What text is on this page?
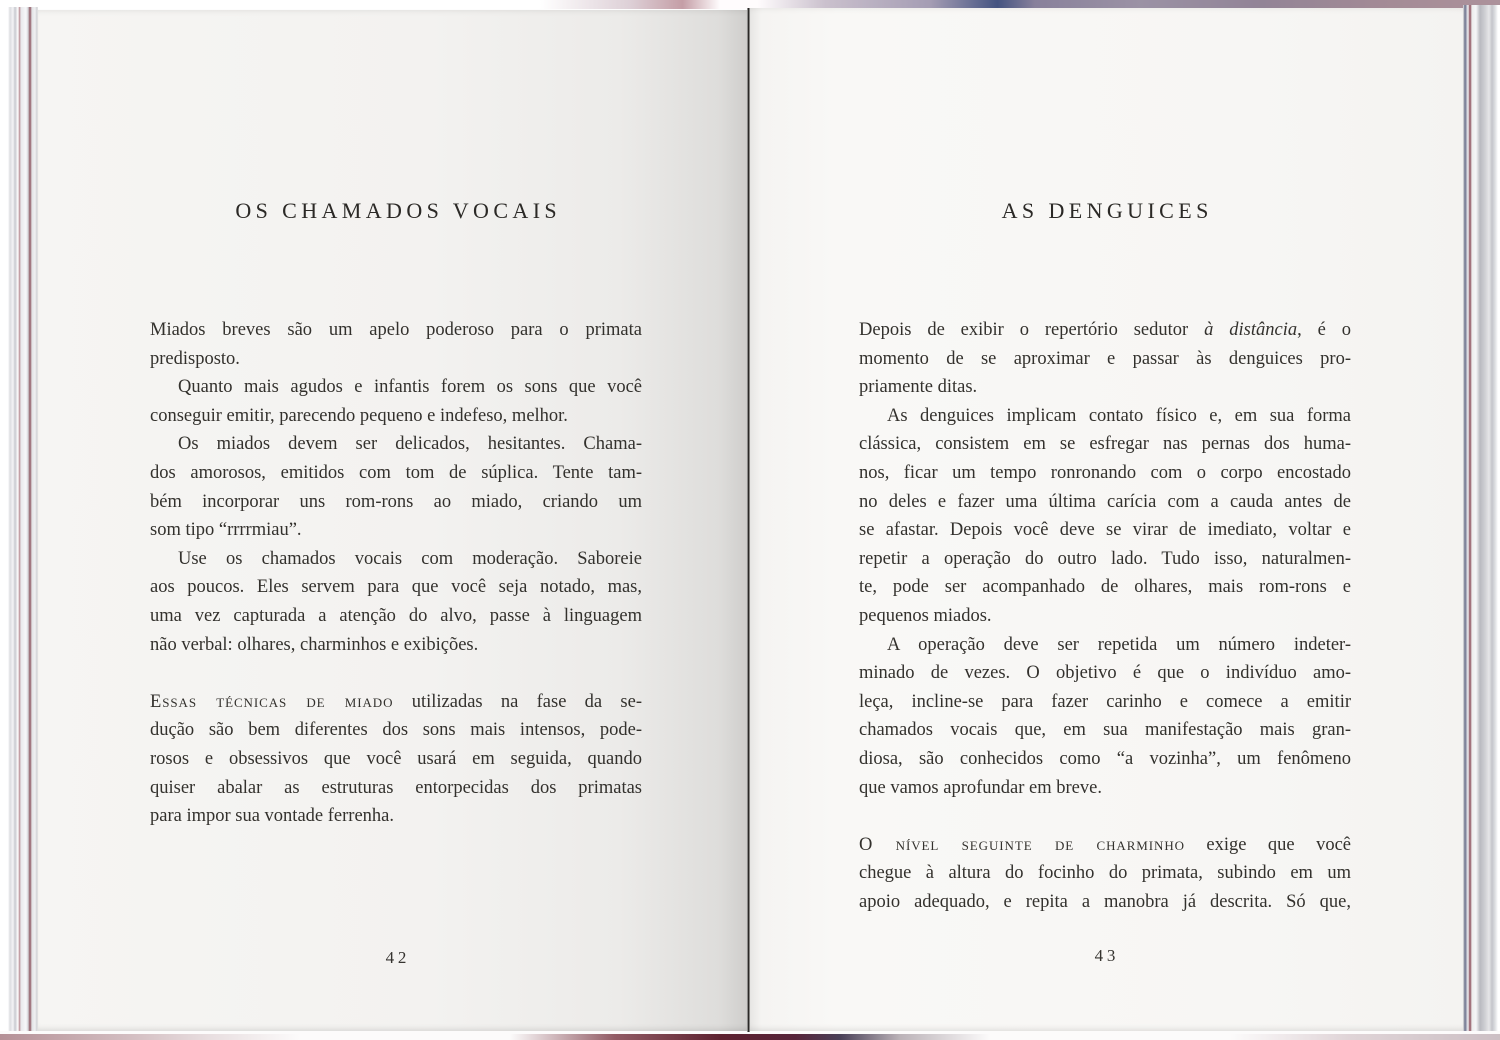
OS CHAMADOS VOCAIS
Miados breves são um apelo poderoso para o primata
predisposto.
Quanto mais agudos e infantis forem os sons que você
conseguir emitir, parecendo pequeno e indefeso, melhor.
Os miados devem ser delicados, hesitantes. Chama-
dos amorosos, emitidos com tom de súplica. Tente tam-
bém incorporar uns rom-rons ao miado, criando um
som tipo “rrrrmiau”.
Use os chamados vocais com moderação. Saboreie
aos poucos. Eles servem para que você seja notado, mas,
uma vez capturada a atenção do alvo, passe à linguagem
não verbal: olhares, charminhos e exibições.
Essas técnicas de miado utilizadas na fase da se-
dução são bem diferentes dos sons mais intensos, pode-
rosos e obsessivos que você usará em seguida, quando
quiser abalar as estruturas entorpecidas dos primatas
para impor sua vontade ferrenha.
42
AS DENGUICES
Depois de exibir o repertório sedutor à distância, é o
momento de se aproximar e passar às denguices pro-
priamente ditas.
As denguices implicam contato físico e, em sua forma
clássica, consistem em se esfregar nas pernas dos huma-
nos, ficar um tempo ronronando com o corpo encostado
no deles e fazer uma última carícia com a cauda antes de
se afastar. Depois você deve se virar de imediato, voltar e
repetir a operação do outro lado. Tudo isso, naturalmen-
te, pode ser acompanhado de olhares, mais rom-rons e
pequenos miados.
A operação deve ser repetida um número indeter-
minado de vezes. O objetivo é que o indivíduo amo-
leça, incline-se para fazer carinho e comece a emitir
chamados vocais que, em sua manifestação mais gran-
diosa, são conhecidos como “a vozinha”, um fenômeno
que vamos aprofundar em breve.
O nível seguinte de charminho exige que você
chegue à altura do focinho do primata, subindo em um
apoio adequado, e repita a manobra já descrita. Só que,
43
